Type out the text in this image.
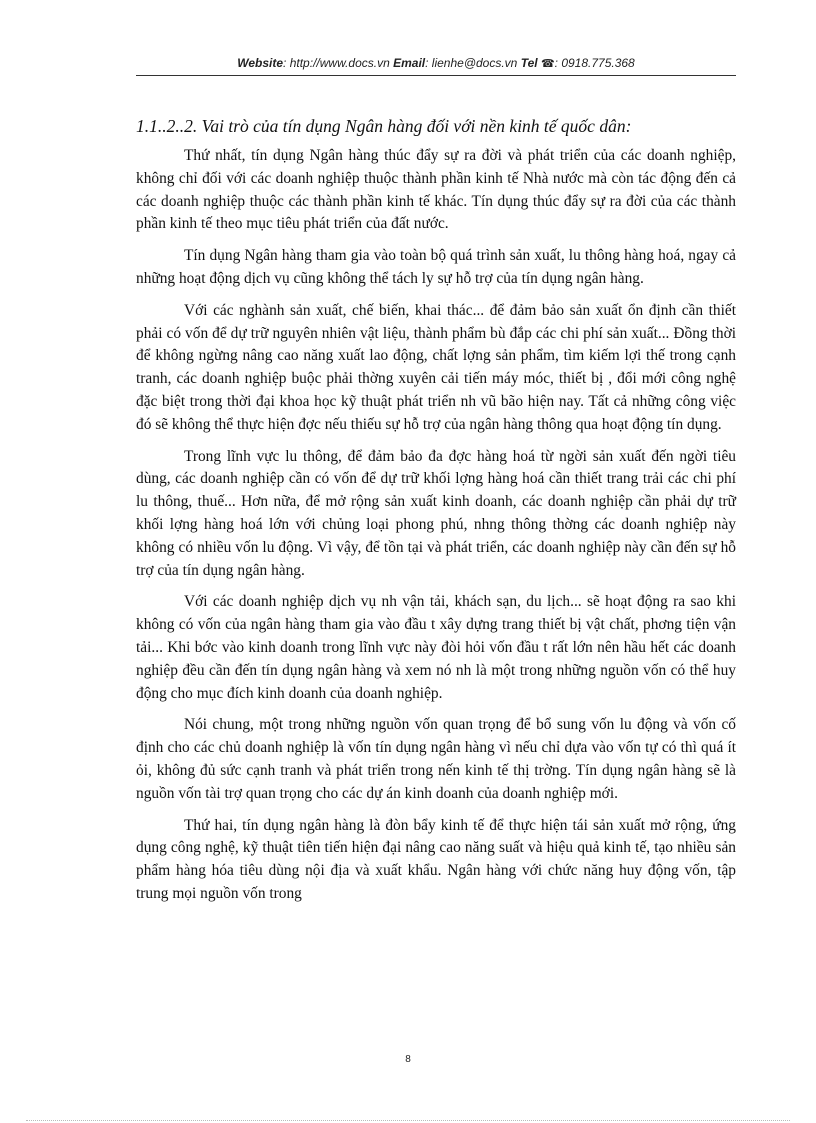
Website: http://www.docs.vn Email: lienhe@docs.vn Tel ☎: 0918.775.368
1.1..2..2. Vai trò của tín dụng Ngân hàng đối với nền kinh tế quốc dân:

Thứ nhất, tín dụng Ngân hàng thúc đẩy sự ra đời và phát triển của các doanh nghiệp, không chỉ đối với các doanh nghiệp thuộc thành phần kinh tế Nhà nước mà còn tác động đến cả các doanh nghiệp thuộc các thành phần kinh tế khác. Tín dụng thúc đẩy sự ra đời của các thành phần kinh tế theo mục tiêu phát triển của đất nước.

Tín dụng Ngân hàng tham gia vào toàn bộ quá trình sản xuất, lu thông hàng hoá, ngay cả những hoạt động dịch vụ cũng không thể tách ly sự hỗ trợ của tín dụng ngân hàng.

Với các nghành sản xuất, chế biến, khai thác... để đảm bảo sản xuất ổn định cần thiết phải có vốn để dự trữ nguyên nhiên vật liệu, thành phẩm bù đắp các chi phí sản xuất... Đồng thời để không ngừng nâng cao năng xuất lao động, chất lợng sản phẩm, tìm kiếm lợi thế trong cạnh tranh, các doanh nghiệp buộc phải thờng xuyên cải tiến máy móc, thiết bị , đổi mới công nghệ đặc biệt trong thời đại khoa học kỹ thuật phát triển nh vũ bão hiện nay. Tất cả những công việc đó sẽ không thể thực hiện đợc nếu thiếu sự hỗ trợ của ngân hàng thông qua hoạt động tín dụng.

Trong lĩnh vực lu thông, để đảm bảo đa đợc hàng hoá từ ngời sản xuất đến ngời tiêu dùng, các doanh nghiệp cần có vốn để dự trữ khối lợng hàng hoá cần thiết trang trải các chi phí lu thông, thuế... Hơn nữa, để mở rộng sản xuất kinh doanh, các doanh nghiệp cần phải dự trữ khối lợng hàng hoá lớn với chủng loại phong phú, nhng thông thờng các doanh nghiệp này không có nhiều vốn lu động. Vì vậy, để tồn tại và phát triển, các doanh nghiệp này cần đến sự hỗ trợ của tín dụng ngân hàng.

Với các doanh nghiệp dịch vụ nh vận tải, khách sạn, du lịch... sẽ hoạt động ra sao khi không có vốn của ngân hàng tham gia vào đầu t xây dựng trang thiết bị vật chất, phơng tiện vận tải... Khi bớc vào kinh doanh trong lĩnh vực này đòi hỏi vốn đầu t rất lớn nên hầu hết các doanh nghiệp đều cần đến tín dụng ngân hàng và xem nó nh là một trong những nguồn vốn có thể huy động cho mục đích kinh doanh của doanh nghiệp.

Nói chung, một trong những nguồn vốn quan trọng để bổ sung vốn lu động và vốn cố định cho các chủ doanh nghiệp là vốn tín dụng ngân hàng vì nếu chỉ dựa vào vốn tự có thì quá ít ỏi, không đủ sức cạnh tranh và phát triển trong nến kinh tế thị trờng. Tín dụng ngân hàng sẽ là nguồn vốn tài trợ quan trọng cho các dự án kinh doanh của doanh nghiệp mới.

Thứ hai, tín dụng ngân hàng là đòn bẩy kinh tế để thực hiện tái sản xuất mở rộng, ứng dụng công nghệ, kỹ thuật tiên tiến hiện đại nâng cao năng suất và hiệu quả kinh tế, tạo nhiều sản phẩm hàng hóa tiêu dùng nội địa và xuất khẩu. Ngân hàng với chức năng huy động vốn, tập trung mọi nguồn vốn trong

8
